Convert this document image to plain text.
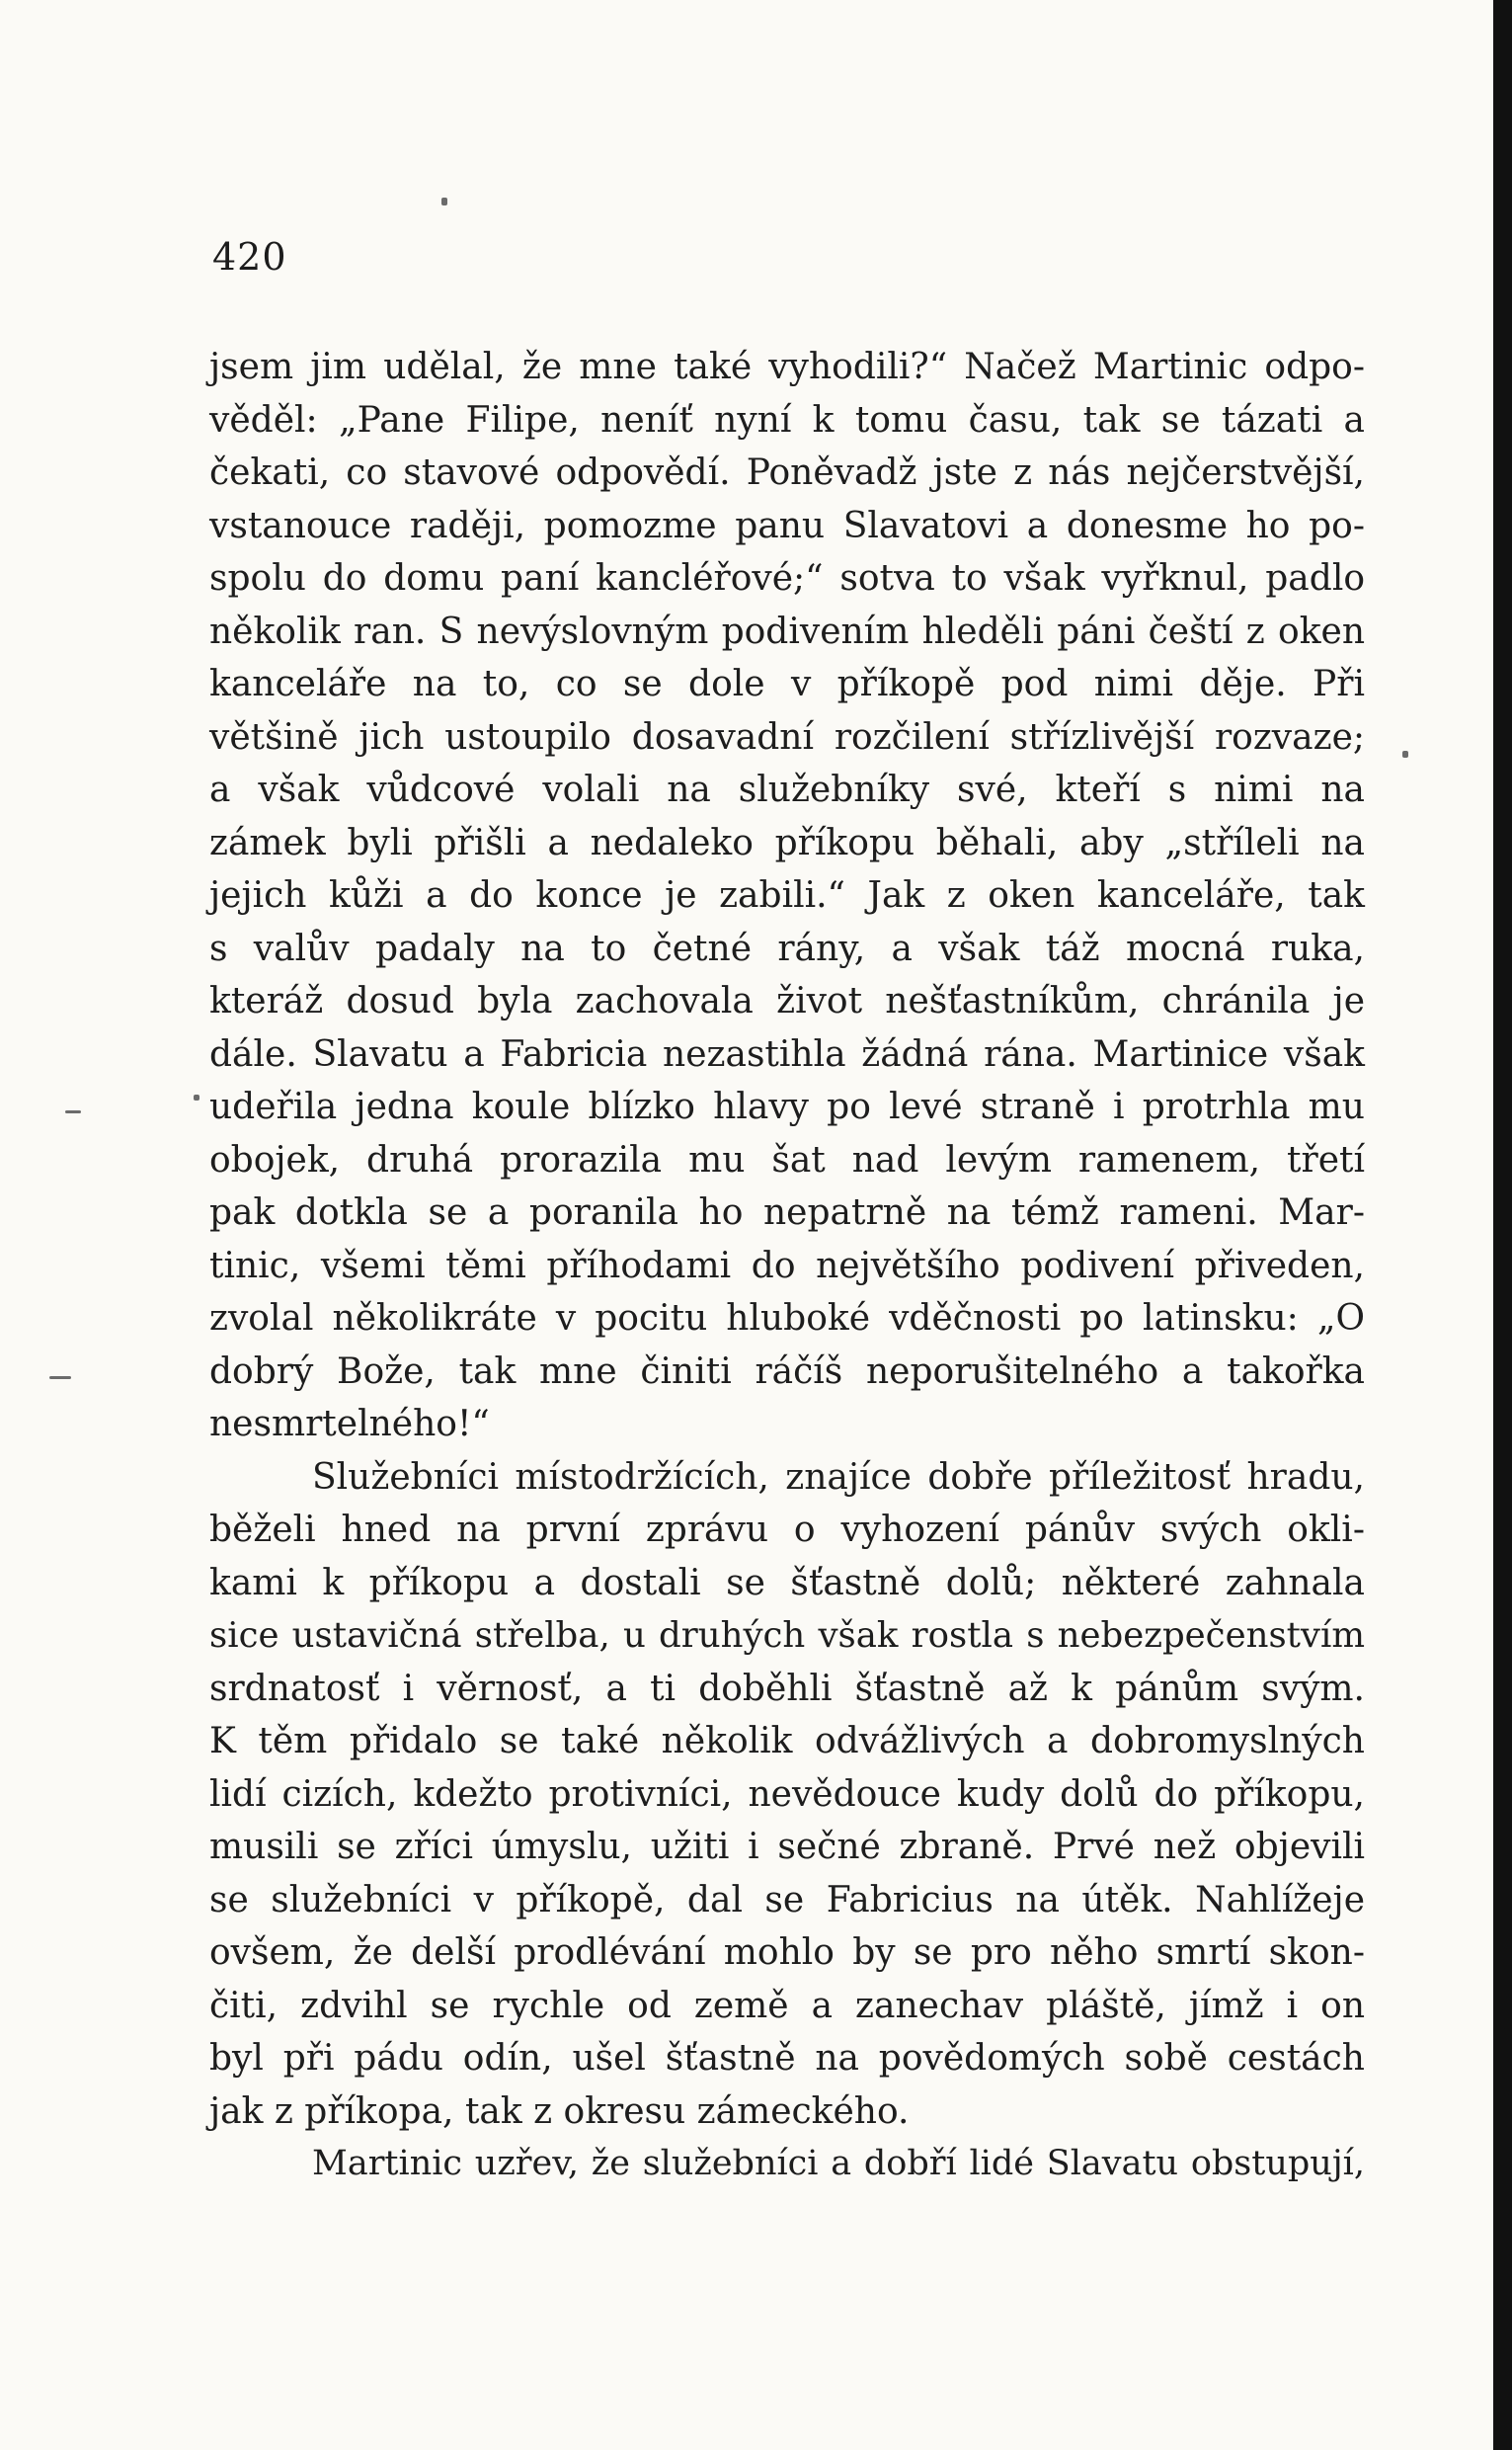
420
jsem jim udělal, že mne také vyhodili?“ Načež Martinic odpo-
věděl: „Pane Filipe, neníť nyní k tomu času, tak se tázati a
čekati, co stavové odpovědí. Poněvadž jste z nás nejčerstvější,
vstanouce raději, pomozme panu Slavatovi a donesme ho po-
spolu do domu paní kancléřové;“ sotva to však vyřknul, padlo
několik ran. S nevýslovným podivením hleděli páni čeští z oken
kanceláře na to, co se dole v příkopě pod nimi děje. Při
většině jich ustoupilo dosavadní rozčilení střízlivější rozvaze;
a však vůdcové volali na služebníky své, kteří s nimi na
zámek byli přišli a nedaleko příkopu běhali, aby „stříleli na
jejich kůži a do konce je zabili.“ Jak z oken kanceláře, tak
s valův padaly na to četné rány, a však táž mocná ruka,
kteráž dosud byla zachovala život nešťastníkům, chránila je
dále. Slavatu a Fabricia nezastihla žádná rána. Martinice však
udeřila jedna koule blízko hlavy po levé straně i protrhla mu
obojek, druhá prorazila mu šat nad levým ramenem, třetí
pak dotkla se a poranila ho nepatrně na témž rameni. Mar-
tinic, všemi těmi příhodami do největšího podivení přiveden,
zvolal několikráte v pocitu hluboké vděčnosti po latinsku: „O
dobrý Bože, tak mne činiti ráčíš neporušitelného a takořka
nesmrtelného!“
Služebníci místodržících, znajíce dobře příležitosť hradu,
běželi hned na první zprávu o vyhození pánův svých okli-
kami k příkopu a dostali se šťastně dolů; některé zahnala
sice ustavičná střelba, u druhých však rostla s nebezpečenstvím
srdnatosť i věrnosť, a ti doběhli šťastně až k pánům svým.
K těm přidalo se také několik odvážlivých a dobromyslných
lidí cizích, kdežto protivníci, nevědouce kudy dolů do příkopu,
musili se zříci úmyslu, užiti i sečné zbraně. Prvé než objevili
se služebníci v příkopě, dal se Fabricius na útěk. Nahlížeje
ovšem, že delší prodlévání mohlo by se pro něho smrtí skon-
čiti, zdvihl se rychle od země a zanechav pláště, jímž i on
byl při pádu odín, ušel šťastně na povědomých sobě cestách
jak z příkopa, tak z okresu zámeckého.
Martinic uzřev, že služebníci a dobří lidé Slavatu obstupují,
